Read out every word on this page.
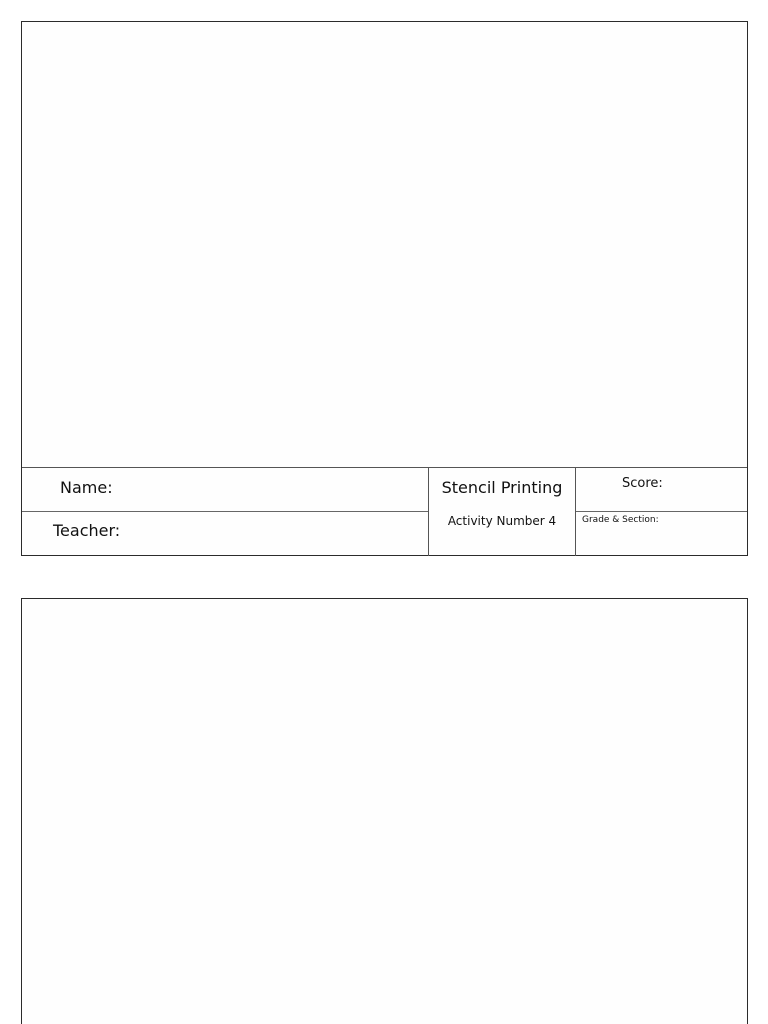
Name:
Teacher:
Stencil Printing
Activity Number 4
Score:
Grade & Section:
